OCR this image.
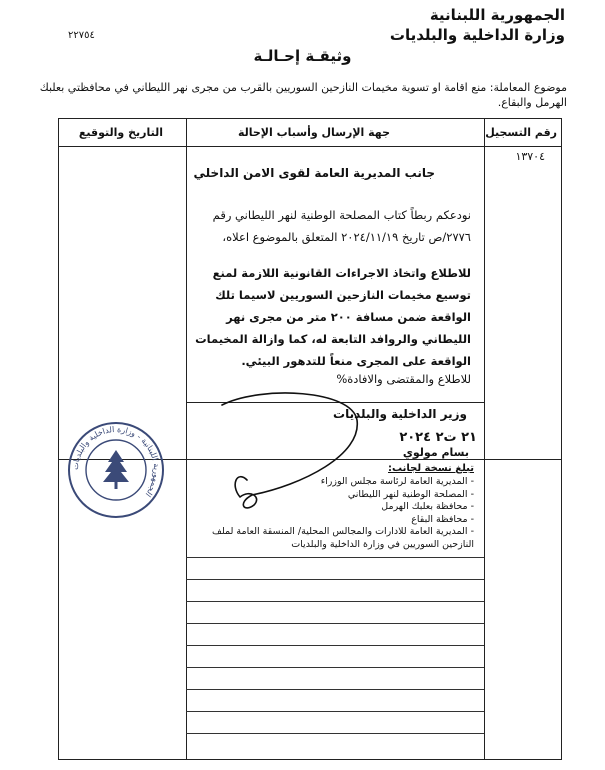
الجمهورية اللبنانية
وزارة الداخلية والبلديات
٢٢٧٥٤
وثيقـة إحـالـة
موضوع المعاملة: منع اقامة او تسوية مخيمات النازحين السوريين بالقرب من مجرى نهر الليطاني في محافظتي بعلبك الهرمل والبقاع.
رقم التسجيل
جهة الإرسال وأسباب الإحالة
التاريخ والتوقيع
١٣٧٠٤
جانب المديرية العامة لقوى الامن الداخلي
نودعكم ربطاً كتاب المصلحة الوطنية لنهر الليطاني رقم ٢٧٧٦/ص تاريخ ٢٠٢٤/١١/١٩ المتعلق بالموضوع اعلاه،
للاطلاع واتخاذ الاجراءات القانونية اللازمة لمنع توسيع مخيمات النازحين السوريين لاسيما تلك الواقعة ضمن مسافة ٢٠٠ متر من مجرى نهر الليطاني والروافد التابعة له، كما وازالة المخيمات الواقعة على المجرى منعاً للتدهور البيئي.
للاطلاع والمقتضى والافادة%
وزير الداخلية والبلديات
٢١ ت٢ ٢٠٢٤
بسام مولوي
الجمهورية اللبنانية - وزارة الداخلية والبلديات
تبلغ نسخة لجانب:
- المديرية العامة لرئاسة مجلس الوزراء
- المصلحة الوطنية لنهر الليطاني
- محافظة بعلبك الهرمل
- محافظة البقاع
- المديرية العامة للادارات والمجالس المحلية/ المنسقة العامة لملف النازحين السوريين في وزارة الداخلية والبلديات
